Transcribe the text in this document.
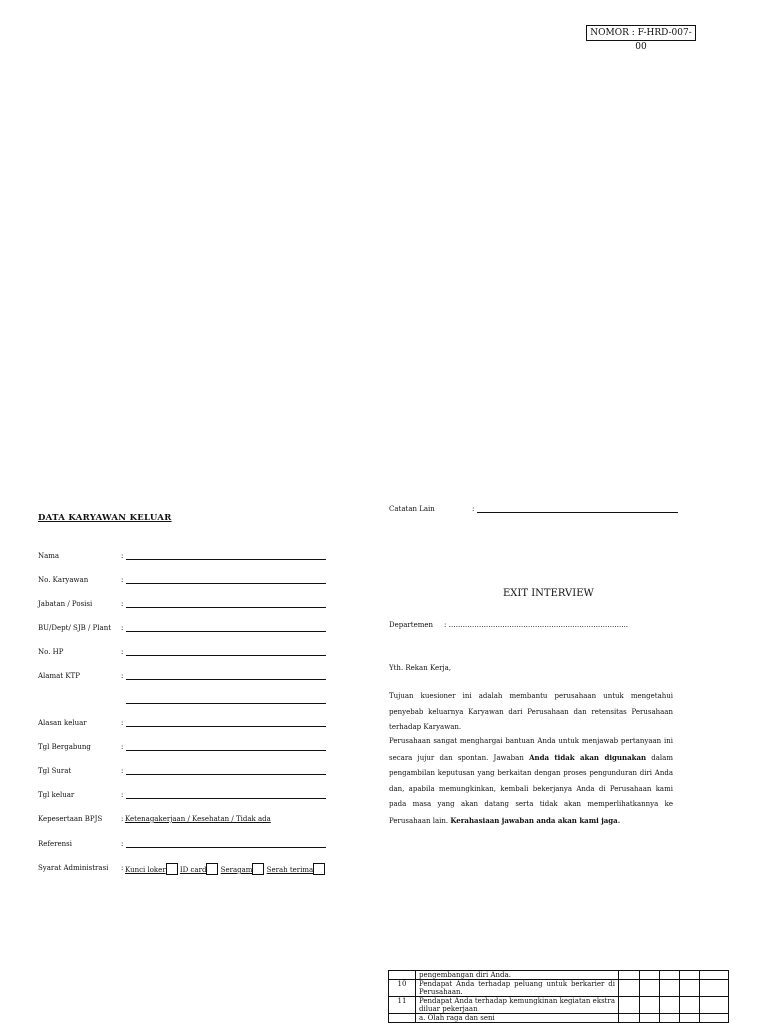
NOMOR : F-HRD-007-00
DATA KARYAWAN KELUAR
Nama	:
No. Karyawan	:
Jabatan / Posisi	:
BU/Dept/ SJB / Plant :
No. HP	:
Alamat KTP	:
Alasan keluar	:
Tgl Bergabung	:
Tgl Surat	:
Tgl keluar	:
Kepesertaan BPJS	: Ketenagakerjaan / Kesehatan / Tidak ada
Referensi	:
Syarat Administrasi : Kunci loker ID card Seragam Serah terima
Catatan Lain	:
EXIT INTERVIEW
Departemen : …………………………………………………………………..
Yth. Rekan Kerja,
Tujuan kuesioner ini adalah membantu perusahaan untuk mengetahui penyebab keluarnya Karyawan dari Perusahaan dan retensitas Perusahaan terhadap Karyawan.
Perusahaan sangat menghargai bantuan Anda untuk menjawab pertanyaan ini secara jujur dan spontan. Jawaban Anda tidak akan digunakan dalam pengambilan keputusan yang berkaitan dengan proses pengunduran diri Anda dan, apabila memungkinkan, kembali bekerjanya Anda di Perusahaan kami pada masa yang akan datang serta tidak akan memperlihatkannya ke Perusahaan lain. Kerahasiaan jawaban anda akan kami jaga.
	pengembangan diri Anda.					
10	Pendapat Anda terhadap peluang untuk berkarier di Perusahaan.					
11	Pendapat Anda terhadap kemungkinan kegiatan ekstra diluar pekerjaan					
	a. Olah raga dan seni					
